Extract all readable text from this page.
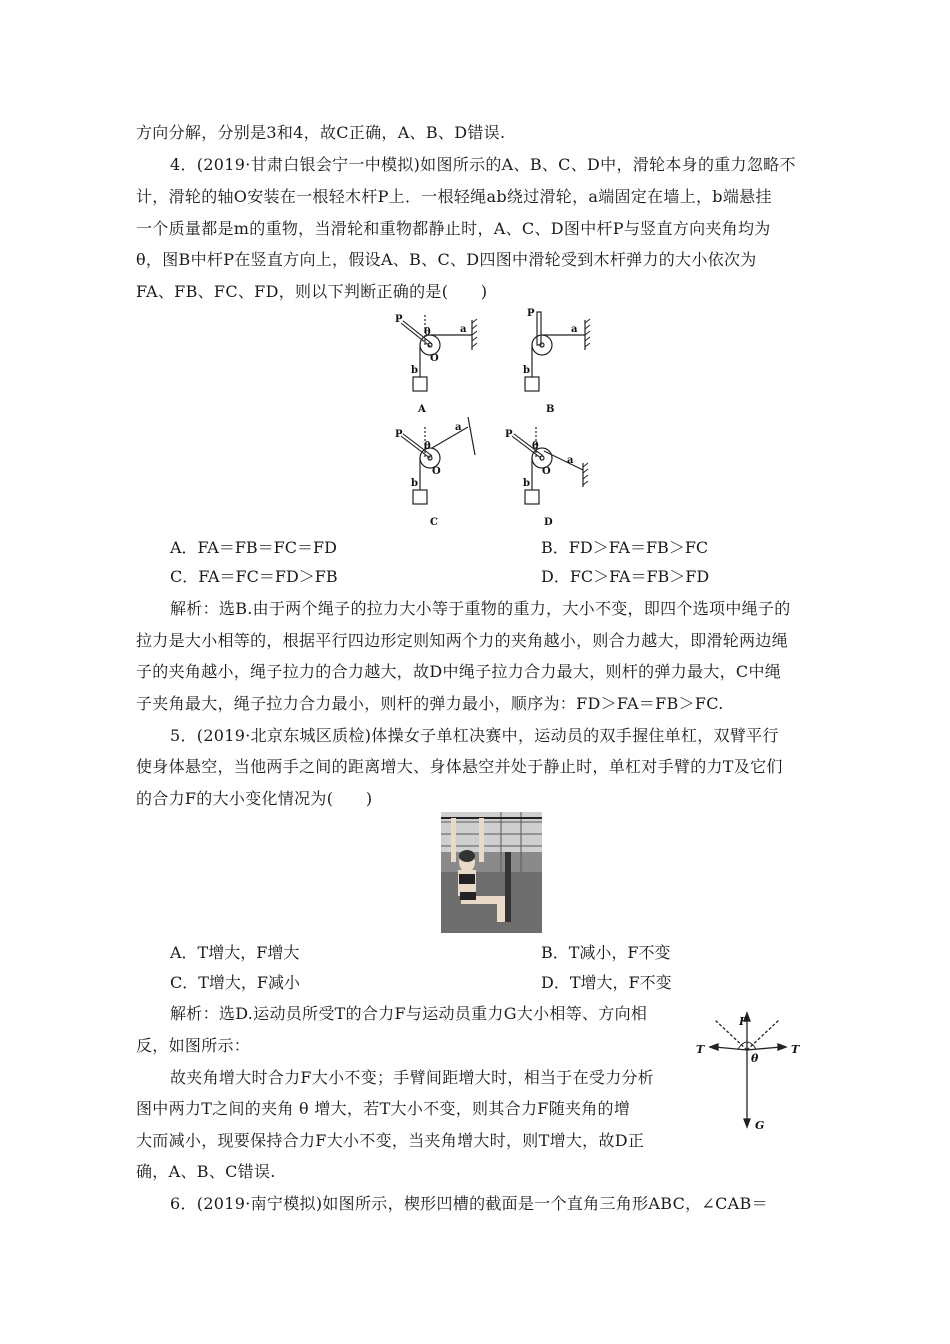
方向分解，分别是3和4，故C正确，A、B、D错误.
4．(2019·甘肃白银会宁一中模拟)如图所示的A、B、C、D中，滑轮本身的重力忽略不
计，滑轮的轴O安装在一根轻木杆P上．一根轻绳ab绕过滑轮，a端固定在墙上，b端悬挂
一个质量都是m的重物，当滑轮和重物都静止时，A、C、D图中杆P与竖直方向夹角均为
θ，图B中杆P在竖直方向上，假设A、B、C、D四图中滑轮受到木杆弹力的大小依次为
FA、FB、FC、FD，则以下判断正确的是(　　)
P
θ
O
a
b
A
P
a
b
B
P
θ
O
a
b
C
P
θ
O
a
b
D
A．FA＝FB＝FC＝FD	B．FD＞FA＝FB＞FC
C．FA＝FC＝FD＞FB	D．FC＞FA＝FB＞FD
解析：选B.由于两个绳子的拉力大小等于重物的重力，大小不变，即四个选项中绳子的
拉力是大小相等的，根据平行四边形定则知两个力的夹角越小，则合力越大，即滑轮两边绳
子的夹角越小，绳子拉力的合力越大，故D中绳子拉力合力最大，则杆的弹力最大，C中绳
子夹角最大，绳子拉力合力最小，则杆的弹力最小，顺序为：FD＞FA＝FB＞FC.
5．(2019·北京东城区质检)体操女子单杠决赛中，运动员的双手握住单杠，双臂平行
使身体悬空，当他两手之间的距离增大、身体悬空并处于静止时，单杠对手臂的力T及它们
的合力F的大小变化情况为(　　)
A．T增大，F增大	B．T减小，F不变
C．T增大，F减小	D．T增大，F不变
解析：选D.运动员所受T的合力F与运动员重力G大小相等、方向相
反，如图所示：
故夹角增大时合力F大小不变；手臂间距增大时，相当于在受力分析
图中两力T之间的夹角 θ 增大，若T大小不变，则其合力F随夹角的增
大而减小，现要保持合力F大小不变，当夹角增大时，则T增大，故D正
确，A、B、C错误.
T	T
F
G
θ
6．(2019·南宁模拟)如图所示，楔形凹槽的截面是一个直角三角形ABC，∠CAB＝
